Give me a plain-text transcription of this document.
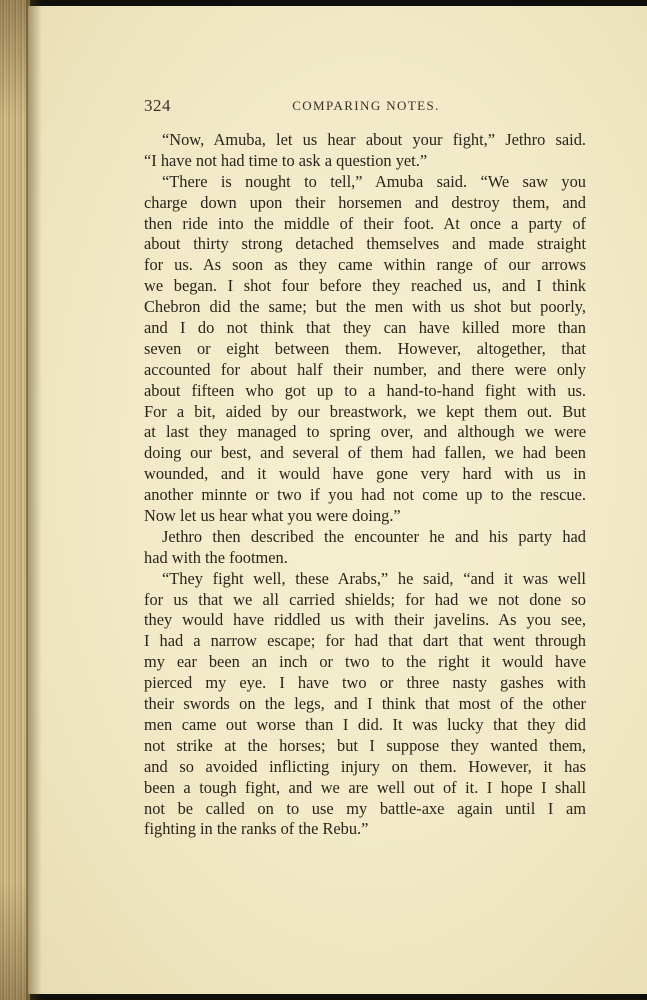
324	COMPARING NOTES.
“Now, Amuba, let us hear about your fight,” Jethro said.
“I have not had time to ask a question yet.”
“There is nought to tell,” Amuba said. “We saw you
charge down upon their horsemen and destroy them, and
then ride into the middle of their foot. At once a party of
about thirty strong detached themselves and made straight
for us. As soon as they came within range of our arrows
we began. I shot four before they reached us, and I think
Chebron did the same; but the men with us shot but poorly,
and I do not think that they can have killed more than
seven or eight between them. However, altogether, that
accounted for about half their number, and there were only
about fifteen who got up to a hand-to-hand fight with us.
For a bit, aided by our breastwork, we kept them out. But
at last they managed to spring over, and although we were
doing our best, and several of them had fallen, we had been
wounded, and it would have gone very hard with us in
another minnte or two if you had not come up to the rescue.
Now let us hear what you were doing.”
Jethro then described the encounter he and his party had
had with the footmen.
“They fight well, these Arabs,” he said, “and it was well
for us that we all carried shields; for had we not done so
they would have riddled us with their javelins. As you see,
I had a narrow escape; for had that dart that went through
my ear been an inch or two to the right it would have
pierced my eye. I have two or three nasty gashes with
their swords on the legs, and I think that most of the other
men came out worse than I did. It was lucky that they did
not strike at the horses; but I suppose they wanted them,
and so avoided inflicting injury on them. However, it has
been a tough fight, and we are well out of it. I hope I shall
not be called on to use my battle-axe again until I am
fighting in the ranks of the Rebu.”
